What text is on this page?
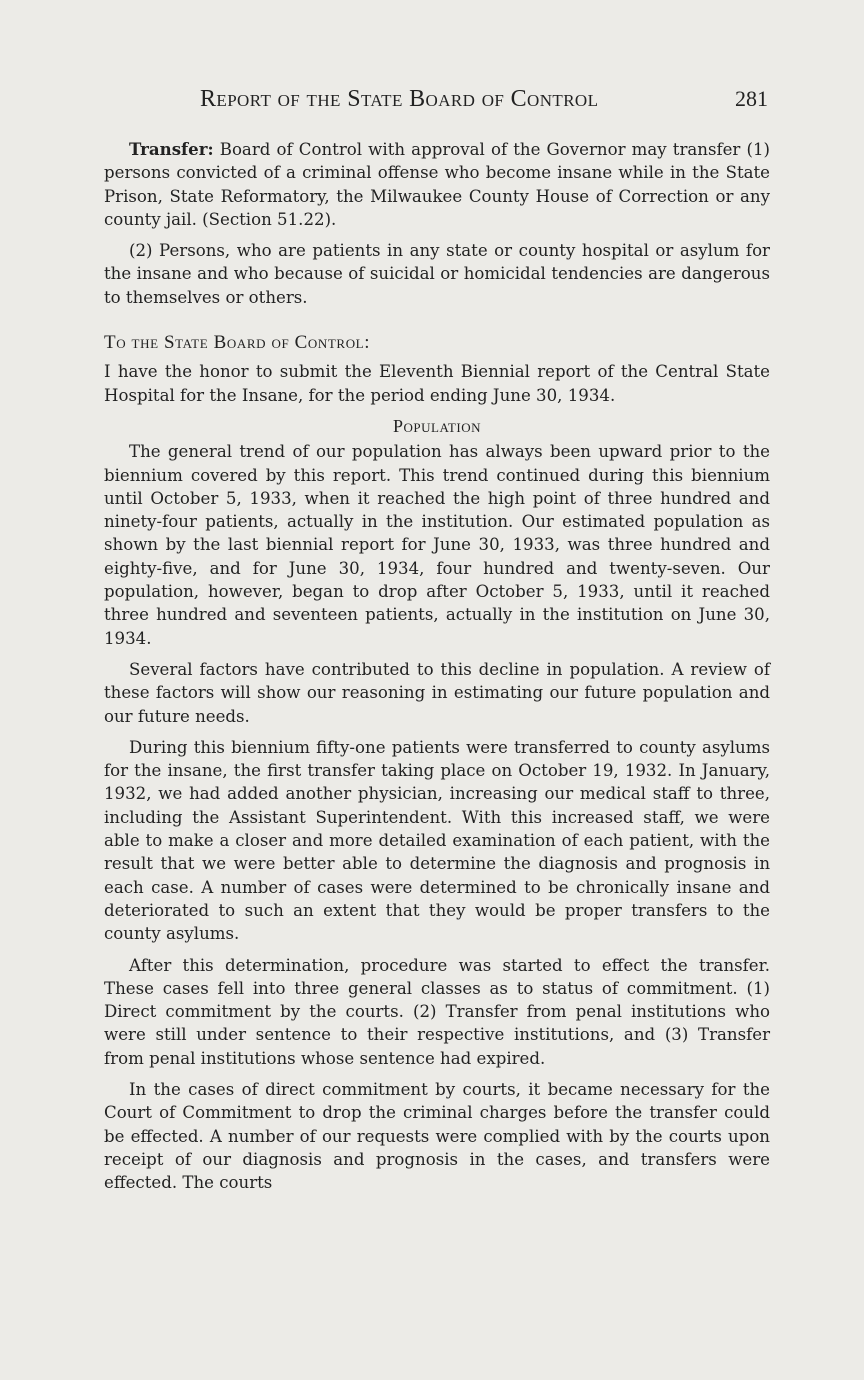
Report of the State Board of Control	281

Transfer: Board of Control with approval of the Governor may transfer (1) persons convicted of a criminal offense who become insane while in the State Prison, State Reformatory, the Milwaukee County House of Correction or any county jail. (Section 51.22).

(2) Persons, who are patients in any state or county hospital or asylum for the insane and who because of suicidal or homicidal tendencies are dangerous to themselves or others.

To the State Board of Control:

I have the honor to submit the Eleventh Biennial report of the Central State Hospital for the Insane, for the period ending June 30, 1934.

Population

The general trend of our population has always been upward prior to the biennium covered by this report. This trend continued during this biennium until October 5, 1933, when it reached the high point of three hundred and ninety-four patients, actually in the institution. Our estimated population as shown by the last biennial report for June 30, 1933, was three hundred and eighty-five, and for June 30, 1934, four hundred and twenty-seven. Our population, however, began to drop after October 5, 1933, until it reached three hundred and seventeen patients, actually in the institution on June 30, 1934.

Several factors have contributed to this decline in population. A review of these factors will show our reasoning in estimating our future population and our future needs.

During this biennium fifty-one patients were transferred to county asylums for the insane, the first transfer taking place on October 19, 1932. In January, 1932, we had added another physician, increasing our medical staff to three, including the Assistant Superintendent. With this increased staff, we were able to make a closer and more detailed examination of each patient, with the result that we were better able to determine the diagnosis and prognosis in each case. A number of cases were determined to be chronically insane and deteriorated to such an extent that they would be proper transfers to the county asylums.

After this determination, procedure was started to effect the transfer. These cases fell into three general classes as to status of commitment. (1) Direct commitment by the courts. (2) Transfer from penal institutions who were still under sentence to their respective institutions, and (3) Transfer from penal institutions whose sentence had expired.

In the cases of direct commitment by courts, it became necessary for the Court of Commitment to drop the criminal charges before the transfer could be effected. A number of our requests were complied with by the courts upon receipt of our diagnosis and prognosis in the cases, and transfers were effected. The courts
